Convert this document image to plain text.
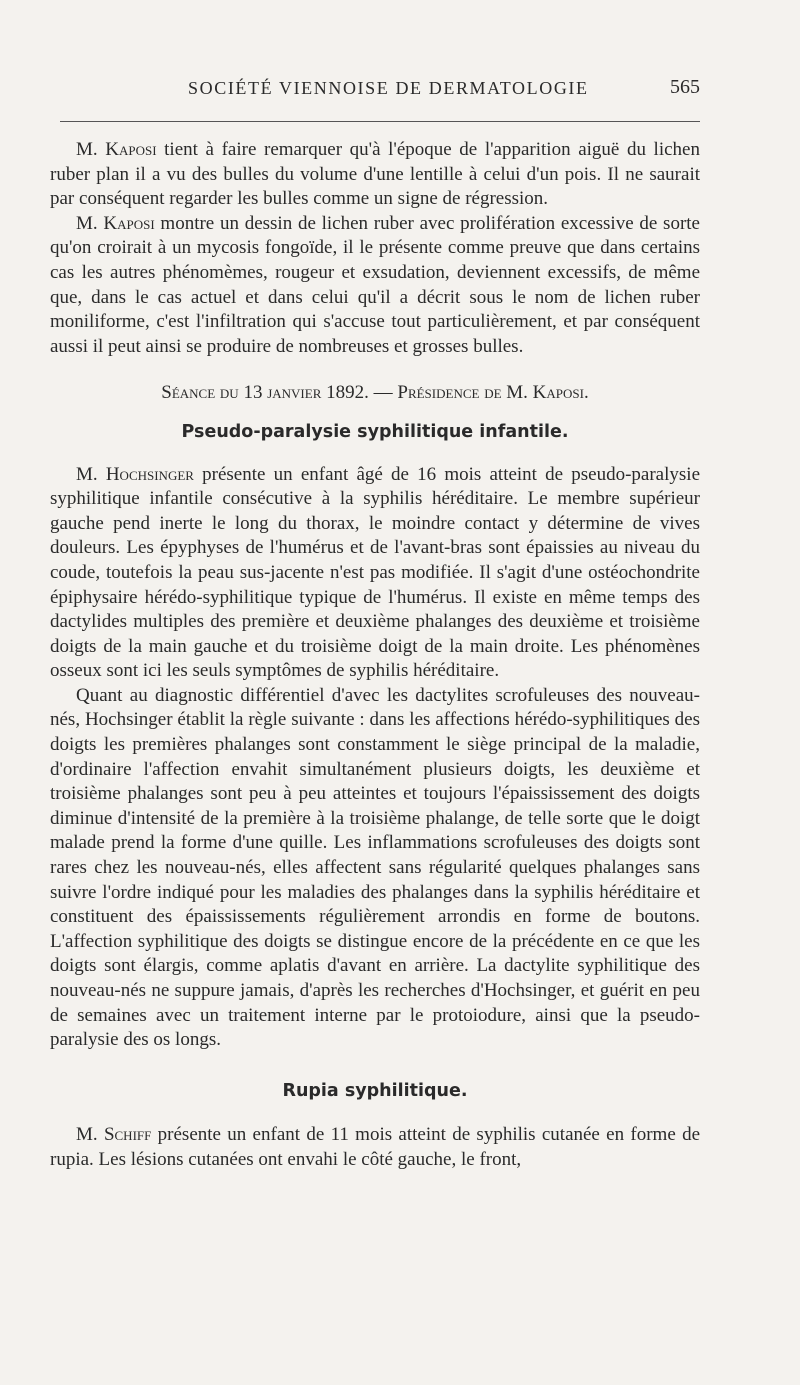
SOCIÉTÉ VIENNOISE DE DERMATOLOGIE	565

M. Kaposi tient à faire remarquer qu'à l'époque de l'apparition aiguë du lichen ruber plan il a vu des bulles du volume d'une lentille à celui d'un pois. Il ne saurait par conséquent regarder les bulles comme un signe de régression.

M. Kaposi montre un dessin de lichen ruber avec prolifération excessive de sorte qu'on croirait à un mycosis fongoïde, il le présente comme preuve que dans certains cas les autres phénomèmes, rougeur et exsudation, deviennent excessifs, de même que, dans le cas actuel et dans celui qu'il a décrit sous le nom de lichen ruber moniliforme, c'est l'infiltration qui s'accuse tout particulièrement, et par conséquent aussi il peut ainsi se produire de nombreuses et grosses bulles.

Séance du 13 janvier 1892. — Présidence de M. Kaposi.

Pseudo-paralysie syphilitique infantile.

M. Hochsinger présente un enfant âgé de 16 mois atteint de pseudo-paralysie syphilitique infantile consécutive à la syphilis héréditaire. Le membre supérieur gauche pend inerte le long du thorax, le moindre contact y détermine de vives douleurs. Les épyphyses de l'humérus et de l'avant-bras sont épaissies au niveau du coude, toutefois la peau sus-jacente n'est pas modifiée. Il s'agit d'une ostéochondrite épiphysaire hérédo-syphilitique typique de l'humérus. Il existe en même temps des dactylides multiples des première et deuxième phalanges des deuxième et troisième doigts de la main gauche et du troisième doigt de la main droite. Les phénomènes osseux sont ici les seuls symptômes de syphilis héréditaire.

Quant au diagnostic différentiel d'avec les dactylites scrofuleuses des nouveau-nés, Hochsinger établit la règle suivante : dans les affections hérédo-syphilitiques des doigts les premières phalanges sont constamment le siège principal de la maladie, d'ordinaire l'affection envahit simultanément plusieurs doigts, les deuxième et troisième phalanges sont peu à peu atteintes et toujours l'épaississement des doigts diminue d'intensité de la première à la troisième phalange, de telle sorte que le doigt malade prend la forme d'une quille. Les inflammations scrofuleuses des doigts sont rares chez les nouveau-nés, elles affectent sans régularité quelques phalanges sans suivre l'ordre indiqué pour les maladies des phalanges dans la syphilis héréditaire et constituent des épaississements régulièrement arrondis en forme de boutons. L'affection syphilitique des doigts se distingue encore de la précédente en ce que les doigts sont élargis, comme aplatis d'avant en arrière. La dactylite syphilitique des nouveau-nés ne suppure jamais, d'après les recherches d'Hochsinger, et guérit en peu de semaines avec un traitement interne par le protoiodure, ainsi que la pseudo-paralysie des os longs.

Rupia syphilitique.

M. Schiff présente un enfant de 11 mois atteint de syphilis cutanée en forme de rupia. Les lésions cutanées ont envahi le côté gauche, le front,
